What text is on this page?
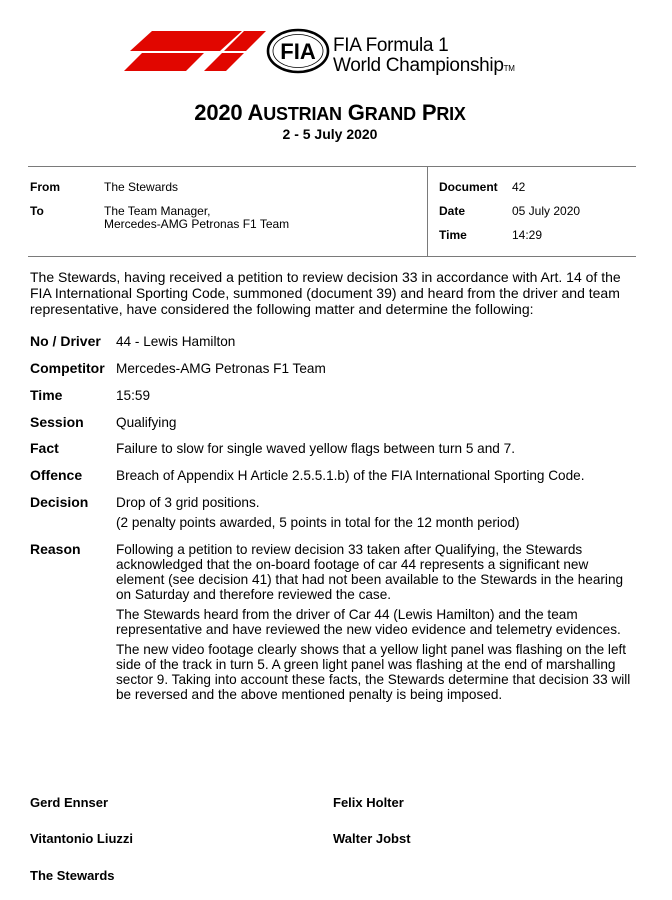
FIA FIA Formula 1
World ChampionshipTM
2020 AUSTRIAN GRAND PRIX
2 - 5 July 2020
From	The Stewards
To	The Team Manager,
Mercedes-AMG Petronas F1 Team
Document 42
Date	05 July 2020
Time	14:29
The Stewards, having received a petition to review decision 33 in accordance with Art. 14 of the FIA International Sporting Code, summoned (document 39) and heard from the driver and team representative, have considered the following matter and determine the following:
No / Driver 44 - Lewis Hamilton
Competitor Mercedes-AMG Petronas F1 Team
Time	15:59
Session Qualifying
Fact	Failure to slow for single waved yellow flags between turn 5 and 7.
Offence Breach of Appendix H Article 2.5.5.1.b) of the FIA International Sporting Code.
Decision Drop of 3 grid positions.
(2 penalty points awarded, 5 points in total for the 12 month period)
Reason	Following a petition to review decision 33 taken after Qualifying, the Stewards acknowledged that the on-board footage of car 44 represents a significant new element (see decision 41) that had not been available to the Stewards in the hearing on Saturday and therefore reviewed the case.
The Stewards heard from the driver of Car 44 (Lewis Hamilton) and the team representative and have reviewed the new video evidence and telemetry evidences.
The new video footage clearly shows that a yellow light panel was flashing on the left side of the track in turn 5. A green light panel was flashing at the end of marshalling sector 9. Taking into account these facts, the Stewards determine that decision 33 will be reversed and the above mentioned penalty is being imposed.
Gerd Ennser	Felix Holter
Vitantonio Liuzzi	Walter Jobst
The Stewards
